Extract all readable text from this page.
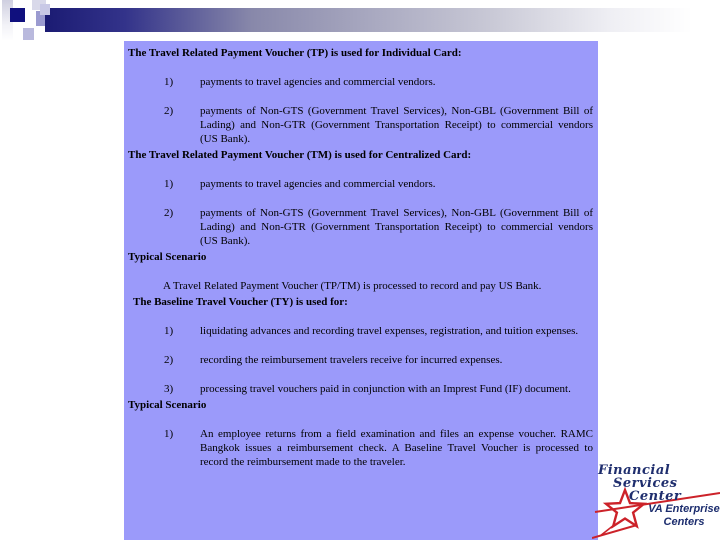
The Travel Related Payment Voucher (TP) is used for Individual Card:
1)	payments to travel agencies and commercial vendors.
2)	payments of Non-GTS (Government Travel Services), Non-GBL (Government Bill of Lading) and Non-GTR (Government Transportation Receipt) to commercial vendors (US Bank).
The Travel Related Payment Voucher (TM) is used for Centralized Card:
1)	payments to travel agencies and commercial vendors.
2)	payments of Non-GTS (Government Travel Services), Non-GBL (Government Bill of Lading) and Non-GTR (Government Transportation Receipt) to commercial vendors (US Bank).
Typical Scenario
A Travel Related Payment Voucher (TP/TM) is processed to record and pay US Bank.
The Baseline Travel Voucher (TY) is used for:
1)	liquidating advances and recording travel expenses, registration, and tuition expenses.
2)	recording the reimbursement travelers receive for incurred expenses.
3)	processing travel vouchers paid in conjunction with an Imprest Fund (IF) document.
Typical Scenario
1)	An employee returns from a field examination and files an expense voucher. RAMC Bangkok issues a reimbursement check. A Baseline Travel Voucher is processed to record the reimbursement made to the traveler.
Financial
Services
Center
VA Enterprise
Centers
